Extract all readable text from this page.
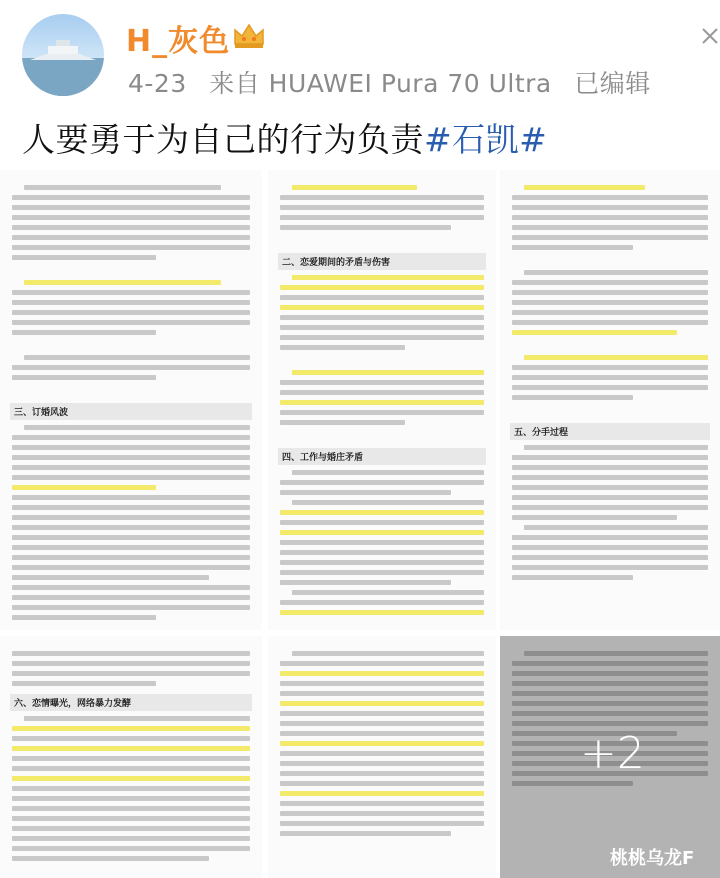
H_灰色
4-23 来自 HUAWEI Pura 70 Ultra 已编辑
人要勇于为自己的行为负责#石凯#
三、订婚风波
二、恋爱期间的矛盾与伤害
四、工作与婚庄矛盾
五、分手过程
六、恋情曝光，网络暴力发酵
+2
桃桃乌龙F
